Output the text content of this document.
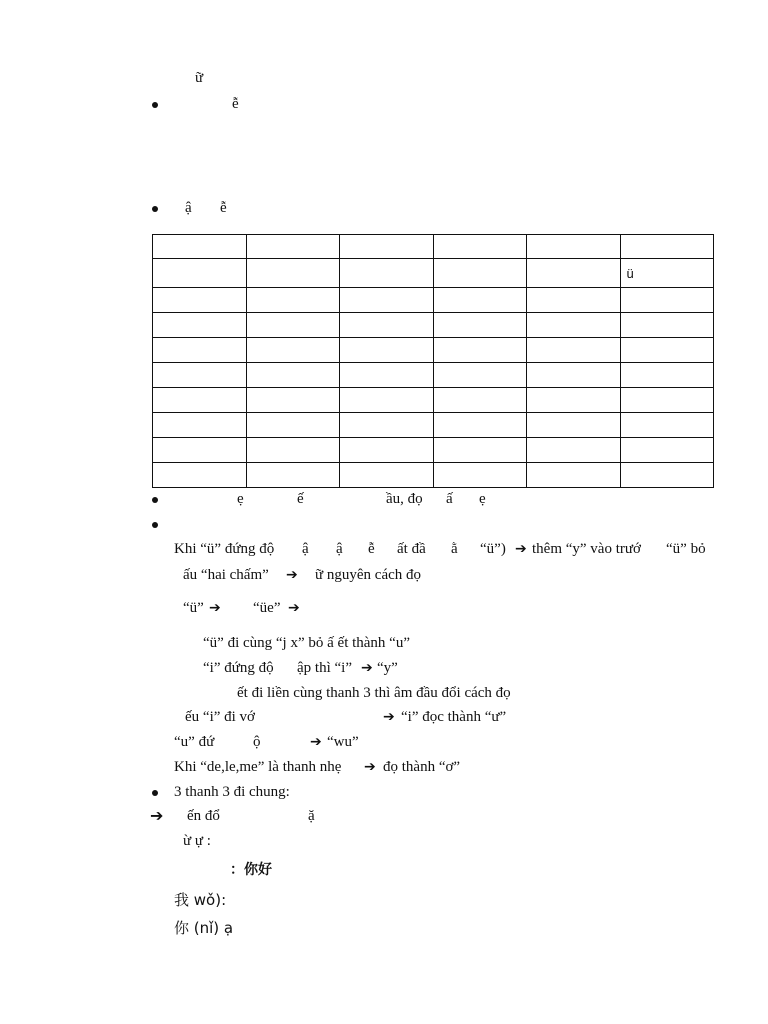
ữ
ễ
ậ ễ

					ü

ẹ	ế	ầu, đọ ấ ẹ
Khi “ü” đứng độ ậ ậ ễ ất đầ ằ “ü”) ➔ thêm “y” vào trướ “ü” bỏ
ấu “hai chấm” ➔ ữ nguyên cách đọ
“ü” ➔ “üe” ➔
“ü” đi cùng “j x” bỏ ấ ết thành “u”
“i” đứng độ ập thì “i” ➔ “y”
ết đi liền cùng thanh 3 thì âm đầu đổi cách đọ
ếu “i” đi vớ	➔ “i” đọc thành “ư”
“u” đứ	ộ	➔ “wu”
Khi “de,le,me” là thanh nhẹ ➔ đọ thành “ơ”
3 thanh 3 đi chung:
➔ ến đổ	ặ
ừ ự :
：你好
我 wǒ):
你 (nǐ) ạ
